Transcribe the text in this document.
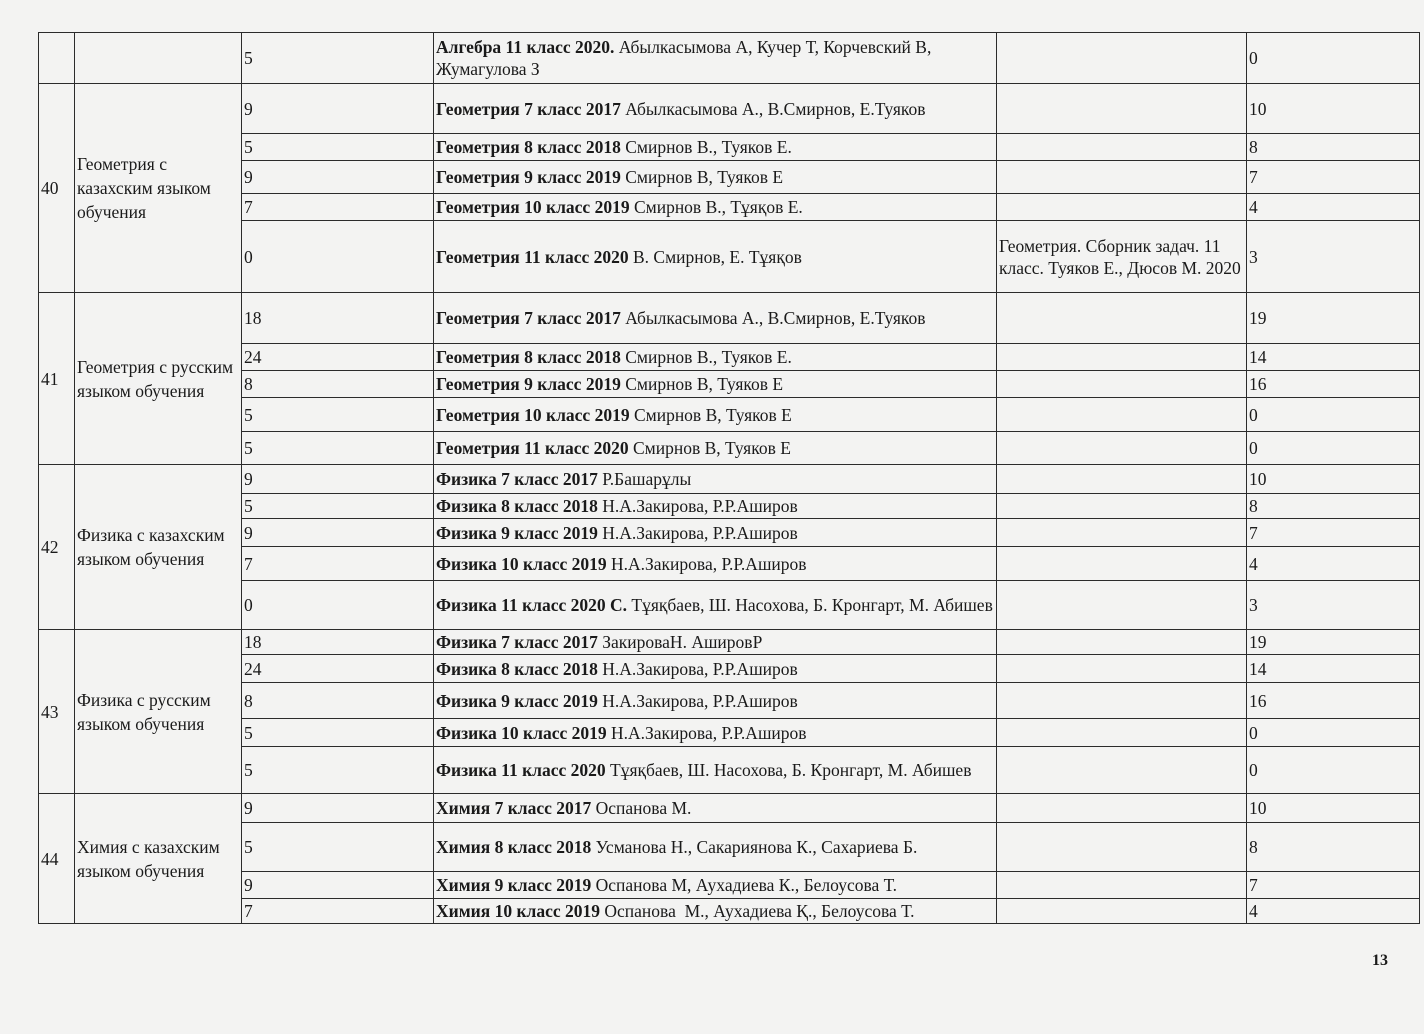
		5	Алгебра 11 класс 2020. Абылкасымова А, Кучер Т, Корчевский В, Жумагулова З		0
40	Геометрия с казахским языком обучения	9	Геометрия 7 класс 2017 Абылкасымова А., В.Смирнов, Е.Туяков		10
		5	Геометрия 8 класс 2018 Смирнов В., Туяков Е.		8
		9	Геометрия 9 класс 2019 Смирнов В, Туяков Е		7
		7	Геометрия 10 класс 2019 Смирнов В., Тұяқов Е.		4
		0	Геометрия 11 класс 2020 В. Смирнов, Е. Тұяқов	Геометрия. Сборник задач. 11 класс. Туяков Е., Дюсов М. 2020	3
41	Геометрия с русским языком обучения	18	Геометрия 7 класс 2017 Абылкасымова А., В.Смирнов, Е.Туяков		19
		24	Геометрия 8 класс 2018 Смирнов В., Туяков Е.		14
		8	Геометрия 9 класс 2019 Смирнов В, Туяков Е		16
		5	Геометрия 10 класс 2019 Смирнов В, Туяков Е		0
		5	Геометрия 11 класс 2020 Смирнов В, Туяков Е		0
42	Физика с казахским языком обучения	9	Физика 7 класс 2017 Р.Башарұлы		10
		5	Физика 8 класс 2018 Н.А.Закирова, Р.Р.Аширов		8
		9	Физика 9 класс 2019 Н.А.Закирова, Р.Р.Аширов		7
		7	Физика 10 класс 2019 Н.А.Закирова, Р.Р.Аширов		4
		0	Физика 11 класс 2020 С. Тұяқбаев, Ш. Насохова, Б. Кронгарт, М. Абишев		3
43	Физика с русским языком обучения	18	Физика 7 класс 2017 ЗакироваН. АшировР		19
		24	Физика 8 класс 2018 Н.А.Закирова, Р.Р.Аширов		14
		8	Физика 9 класс 2019 Н.А.Закирова, Р.Р.Аширов		16
		5	Физика 10 класс 2019 Н.А.Закирова, Р.Р.Аширов		0
		5	Физика 11 класс 2020 Тұяқбаев, Ш. Насохова, Б. Кронгарт, М. Абишев		0
44	Химия с казахским языком обучения	9	Химия 7 класс 2017 Оспанова М.		10
		5	Химия 8 класс 2018 Усманова Н., Сакариянова К., Сахариева Б.		8
		9	Химия 9 класс 2019 Оспанова М, Аухадиева К., Белоусова Т.		7
		7	Химия 10 класс 2019 Оспанова  М., Аухадиева Қ., Белоусова Т.		4
13
